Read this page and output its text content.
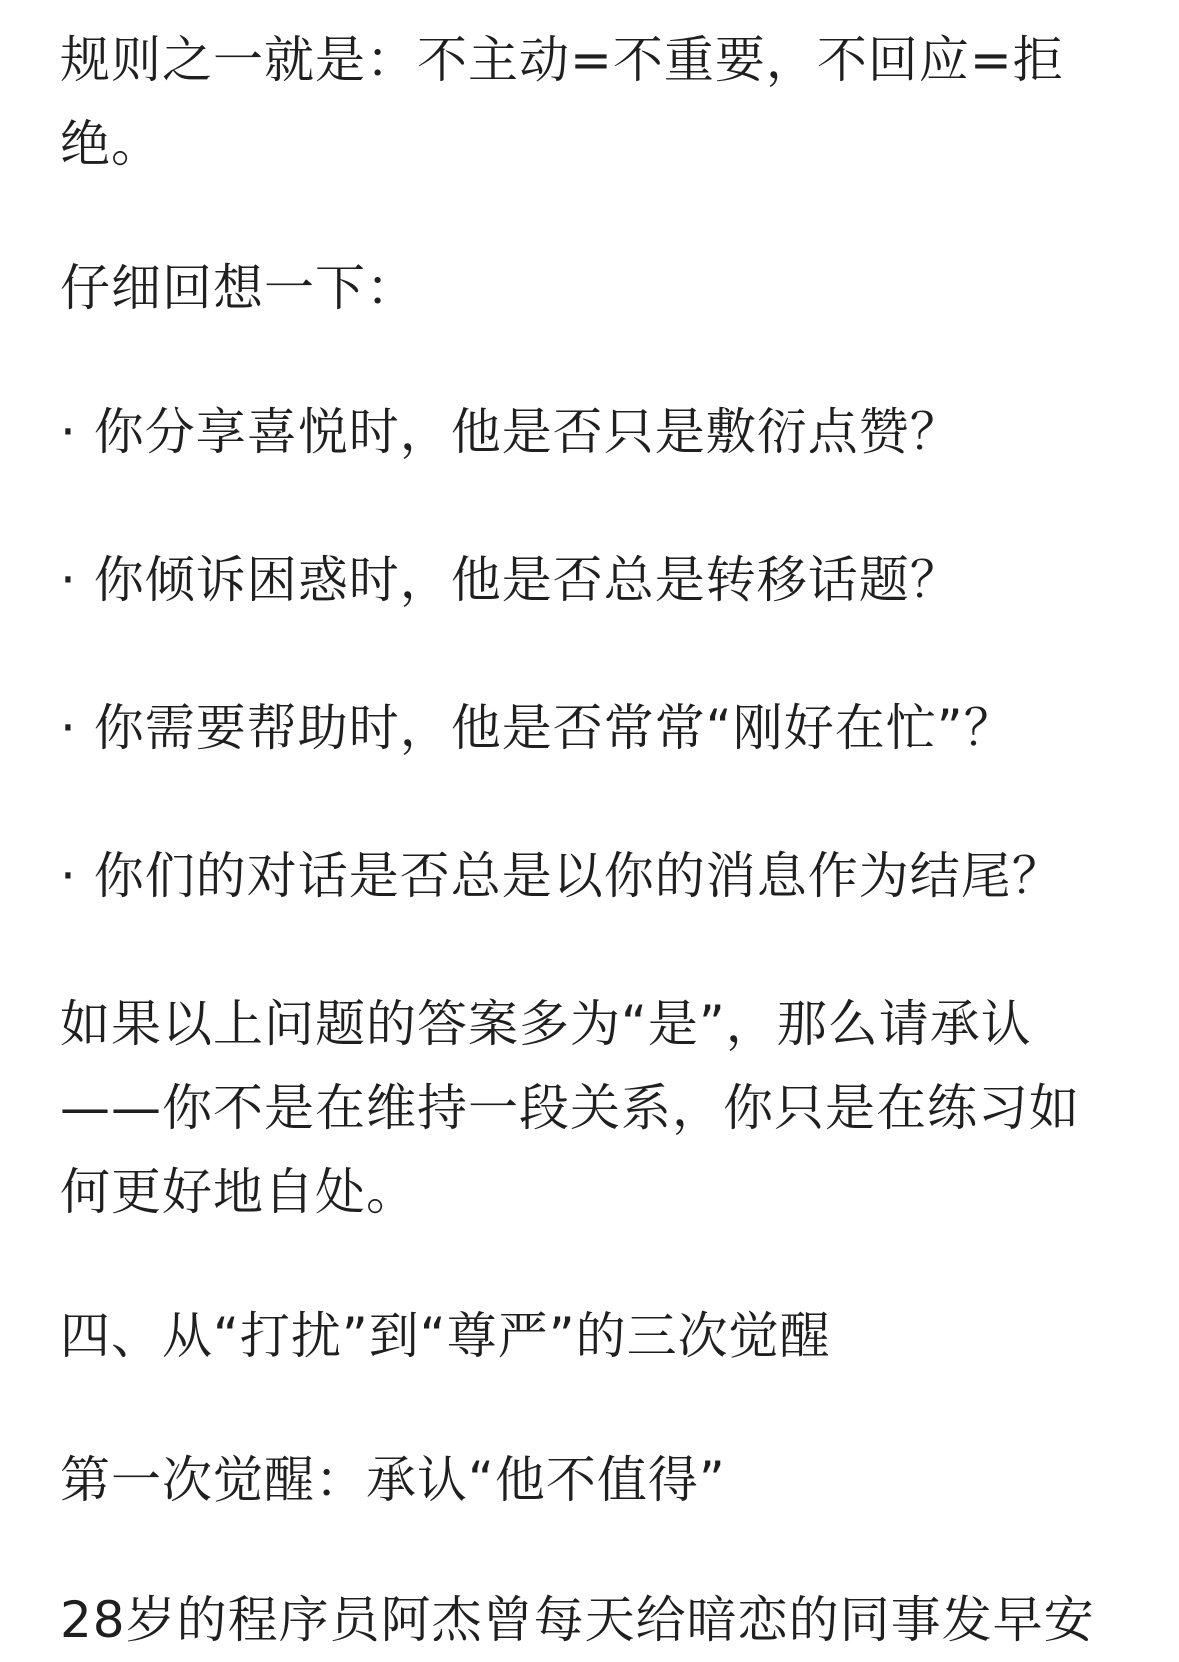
规则之一就是：不主动=不重要，不回应=拒绝。

仔细回想一下：

· 你分享喜悦时，他是否只是敷衍点赞？

· 你倾诉困惑时，他是否总是转移话题？

· 你需要帮助时，他是否常常“刚好在忙”？

· 你们的对话是否总是以你的消息作为结尾？

如果以上问题的答案多为“是”，那么请承认——你不是在维持一段关系，你只是在练习如何更好地自处。

四、从“打扰”到“尊严”的三次觉醒

第一次觉醒：承认“他不值得”

28岁的程序员阿杰曾每天给暗恋的同事发早安
